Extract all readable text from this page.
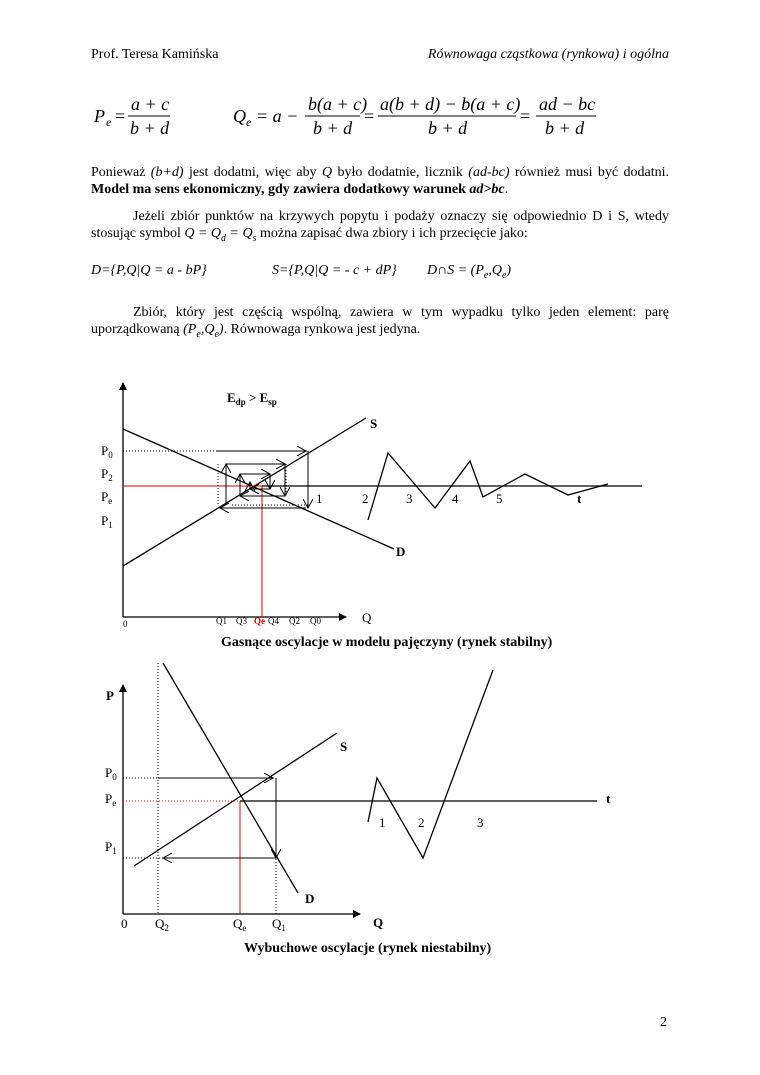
Prof. Teresa Kamińska	Równowaga cząstkowa (rynkowa) i ogólna
P e =
a + c
b + d
Q e = a −
b(a + c)
b + d
=
a(b + d) − b(a + c)
b + d
=
ad − bc
b + d
Ponieważ (b+d) jest dodatni, więc aby Q było dodatnie, licznik (ad-bc) również musi być dodatni. Model ma sens ekonomiczny, gdy zawiera dodatkowy warunek ad>bc.
Jeżeli zbiór punktów na krzywych popytu i podaży oznaczy się odpowiednio D i S, wtedy stosując symbol $Q = Q_d = Q_s$ można zapisać dwa zbiory i ich przecięcie jako:
D={P,Q|Q = a - bP}	S={P,Q|Q = - c + dP} D∩S = $(P_e,Q_e)$
Zbiór, który jest częścią wspólną, zawiera w tym wypadku tylko jeden element: parę uporządkowaną $(P_e,Q_e)$. Równowaga rynkowa jest jedyna.
$E_{dp} > E_{sp}$
S
D
Q
0
$P_0$
$P_2$
$P_e$
$P_1$
Q1 Q3 Qe Q4 Q2 Q0
1	2	3	4	5	t
Gasnące oscylacje w modelu pajęczyny (rynek stabilny)
P
S
D
Q
0
t
$P_0$
$P_e$
$P_1$
$Q_2$	$Q_e$ $Q_1$
1	2	3
Wybuchowe oscylacje (rynek niestabilny)
2
